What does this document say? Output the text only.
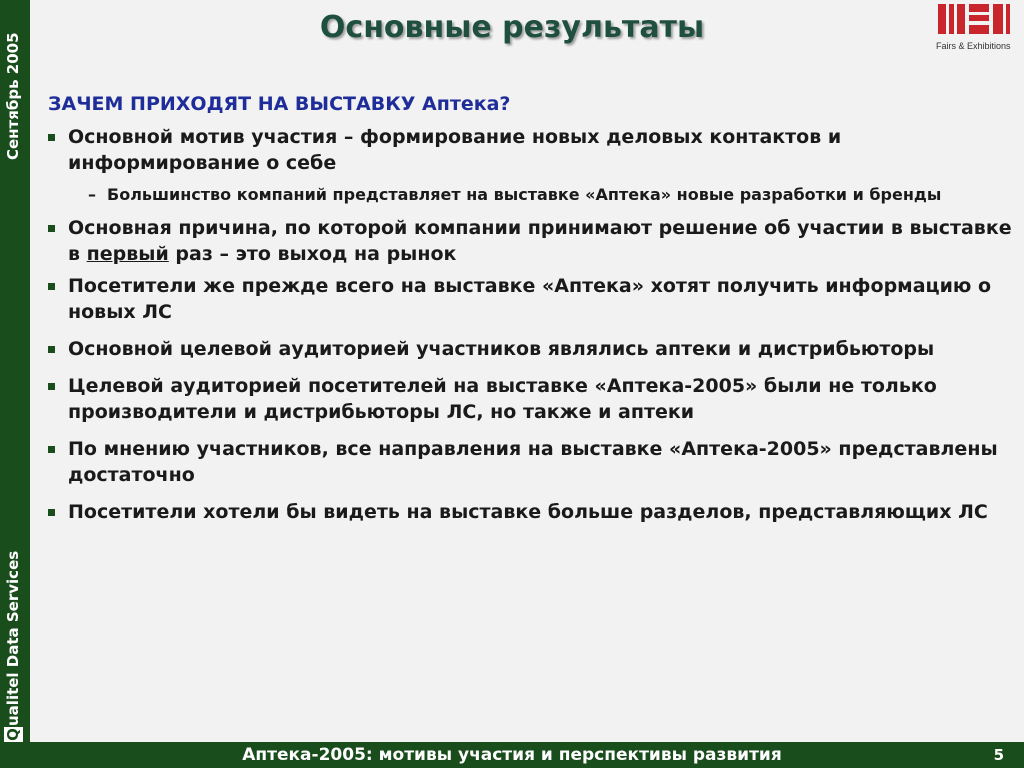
Сентябрь 2005
Qualitel Data Services
Основные результаты
Fairs & Exhibitions
ЗАЧЕМ ПРИХОДЯТ НА ВЫСТАВКУ Аптека?
Основной мотив участия – формирование новых деловых контактов и информирование о себе
– Большинство компаний представляет на выставке «Аптека» новые разработки и бренды
Основная причина, по которой компании принимают решение об участии в выставке в первый раз – это выход на рынок
Посетители же прежде всего на выставке «Аптека» хотят получить информацию о новых ЛС
Основной целевой аудиторией участников являлись аптеки и дистрибьюторы
Целевой аудиторией посетителей на выставке «Аптека-2005» были не только производители и дистрибьюторы ЛС, но также и аптеки
По мнению участников, все направления на выставке «Аптека-2005» представлены достаточно
Посетители хотели бы видеть на выставке больше разделов, представляющих ЛС
Аптека-2005: мотивы участия и перспективы развития	5
